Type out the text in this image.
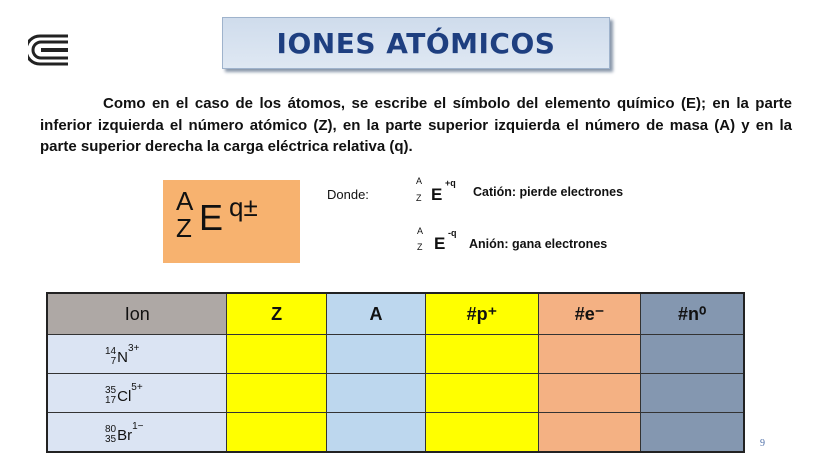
IONES ATÓMICOS

Como en el caso de los átomos, se escribe el símbolo del elemento químico (E); en la parte inferior izquierda el número atómico (Z), en la parte superior izquierda el número de masa (A) y en la parte superior derecha la carga eléctrica relativa (q).

A
Z E q±	Donde:
A
Z E
+q
Catión: pierde electrones
A
Z E
-q
Anión: gana electrones
Ion	Z	A	#p⁺	#e⁻	#n⁰

14
7 N 3+					

35
17 Cl 5+					

80
35 Br 1−					

9
